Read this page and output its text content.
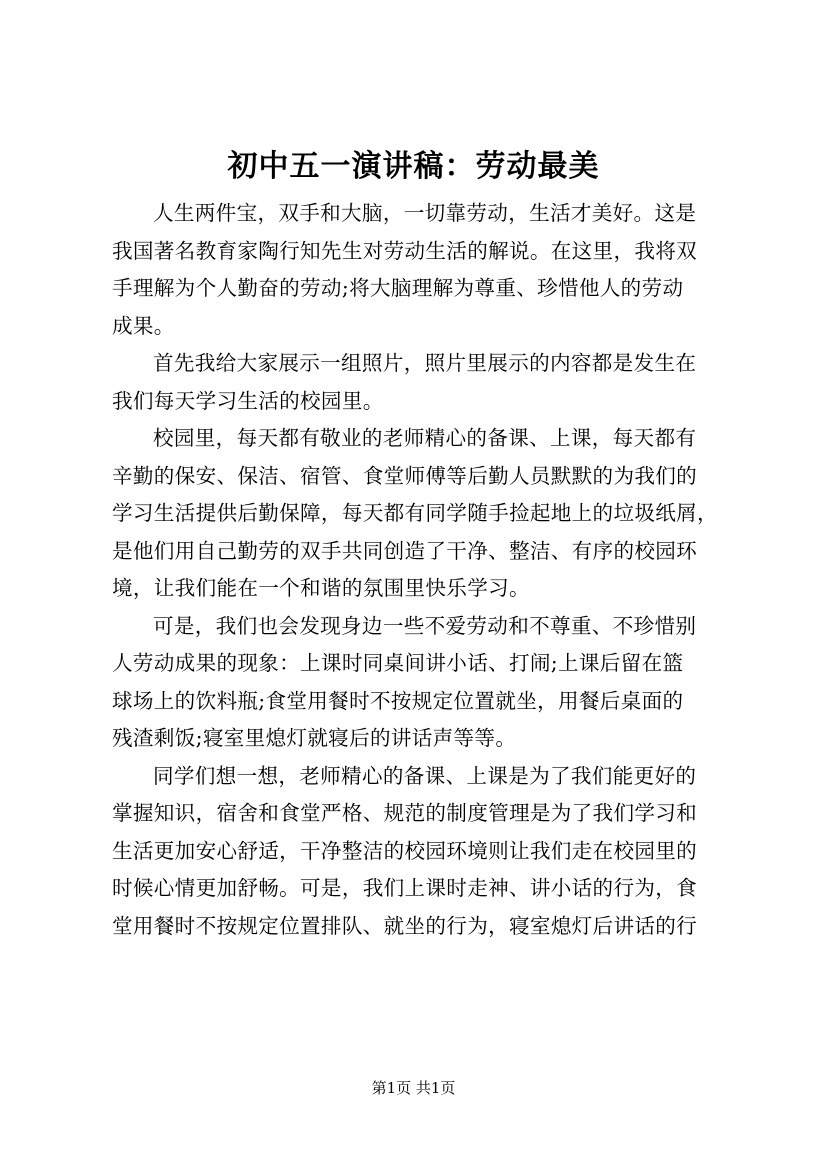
初中五一演讲稿：劳动最美

人生两件宝，双手和大脑，一切靠劳动，生活才美好。这是
我国著名教育家陶行知先生对劳动生活的解说。在这里，我将双
手理解为个人勤奋的劳动;将大脑理解为尊重、珍惜他人的劳动
成果。

首先我给大家展示一组照片，照片里展示的内容都是发生在
我们每天学习生活的校园里。

校园里，每天都有敬业的老师精心的备课、上课，每天都有
辛勤的保安、保洁、宿管、食堂师傅等后勤人员默默的为我们的
学习生活提供后勤保障，每天都有同学随手捡起地上的垃圾纸屑，
是他们用自己勤劳的双手共同创造了干净、整洁、有序的校园环
境，让我们能在一个和谐的氛围里快乐学习。

可是，我们也会发现身边一些不爱劳动和不尊重、不珍惜别
人劳动成果的现象：上课时同桌间讲小话、打闹;上课后留在篮
球场上的饮料瓶;食堂用餐时不按规定位置就坐，用餐后桌面的
残渣剩饭;寝室里熄灯就寝后的讲话声等等。

同学们想一想，老师精心的备课、上课是为了我们能更好的
掌握知识，宿舍和食堂严格、规范的制度管理是为了我们学习和
生活更加安心舒适，干净整洁的校园环境则让我们走在校园里的
时候心情更加舒畅。可是，我们上课时走神、讲小话的行为，食
堂用餐时不按规定位置排队、就坐的行为，寝室熄灯后讲话的行

第1页 共1页
